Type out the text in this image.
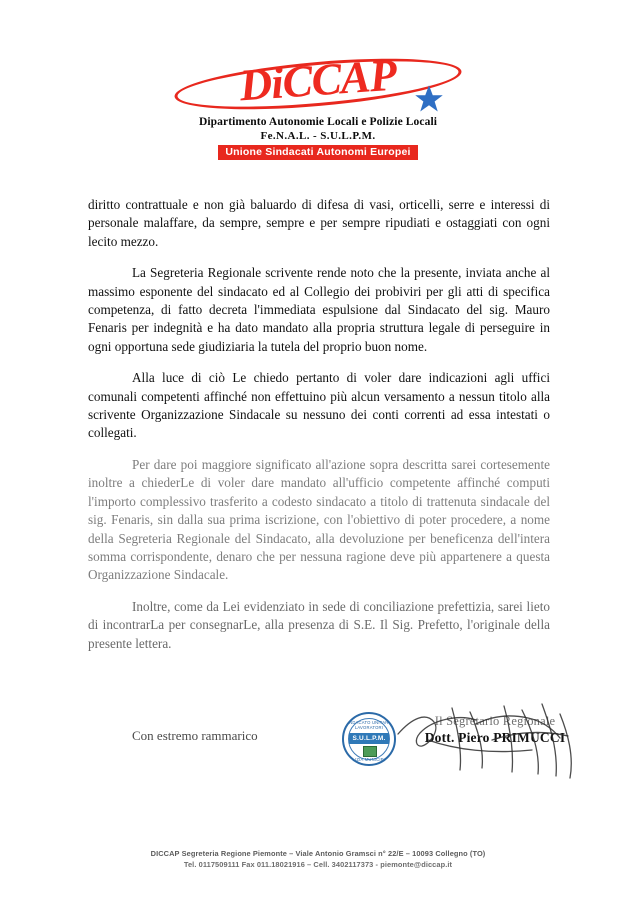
DiCCAP
Dipartimento Autonomie Locali e Polizie Locali
Fe.N.A.L. - S.U.L.P.M.
Unione Sindacati Autonomi Europei

diritto contrattuale e non già baluardo di difesa di vasi, orticelli, serre e interessi di personale malaffare, da sempre, sempre e per sempre ripudiati e ostaggiati con ogni lecito mezzo.

La Segreteria Regionale scrivente rende noto che la presente, inviata anche al massimo esponente del sindacato ed al Collegio dei probiviri per gli atti di specifica competenza, di fatto decreta l'immediata espulsione dal Sindacato del sig. Mauro Fenaris per indegnità e ha dato mandato alla propria struttura legale di perseguire in ogni opportuna sede giudiziaria la tutela del proprio buon nome.

Alla luce di ciò Le chiedo pertanto di voler dare indicazioni agli uffici comunali competenti affinché non effettuino più alcun versamento a nessun titolo alla scrivente Organizzazione Sindacale su nessuno dei conti correnti ad essa intestati o collegati.

Per dare poi maggiore significato all'azione sopra descritta sarei cortesemente inoltre a chiederLe di voler dare mandato all'ufficio competente affinché computi l'importo complessivo trasferito a codesto sindacato a titolo di trattenuta sindacale del sig. Fenaris, sin dalla sua prima iscrizione, con l'obiettivo di poter procedere, a nome della Segreteria Regionale del Sindacato, alla devoluzione per beneficenza dell'intera somma corrispondente, denaro che per nessuna ragione deve più appartenere a questa Organizzazione Sindacale.

Inoltre, come da Lei evidenziato in sede di conciliazione prefettizia, sarei lieto di incontrarLa per consegnarLe, alla presenza di S.E. Il Sig. Prefetto, l'originale della presente lettera.

Con estremo rammarico
SINDACATO UNITARIO LAVORATORI
S.U.L.P.M.
POLIZIA MUNICIPALE
Il Segretario Regionale
Dott. Piero PRIMUCCI
DICCAP Segreteria Regione Piemonte – Viale Antonio Gramsci n° 22/E – 10093 Collegno (TO)
Tel. 0117509111 Fax 011.18021916 – Cell. 3402117373 - piemonte@diccap.it
